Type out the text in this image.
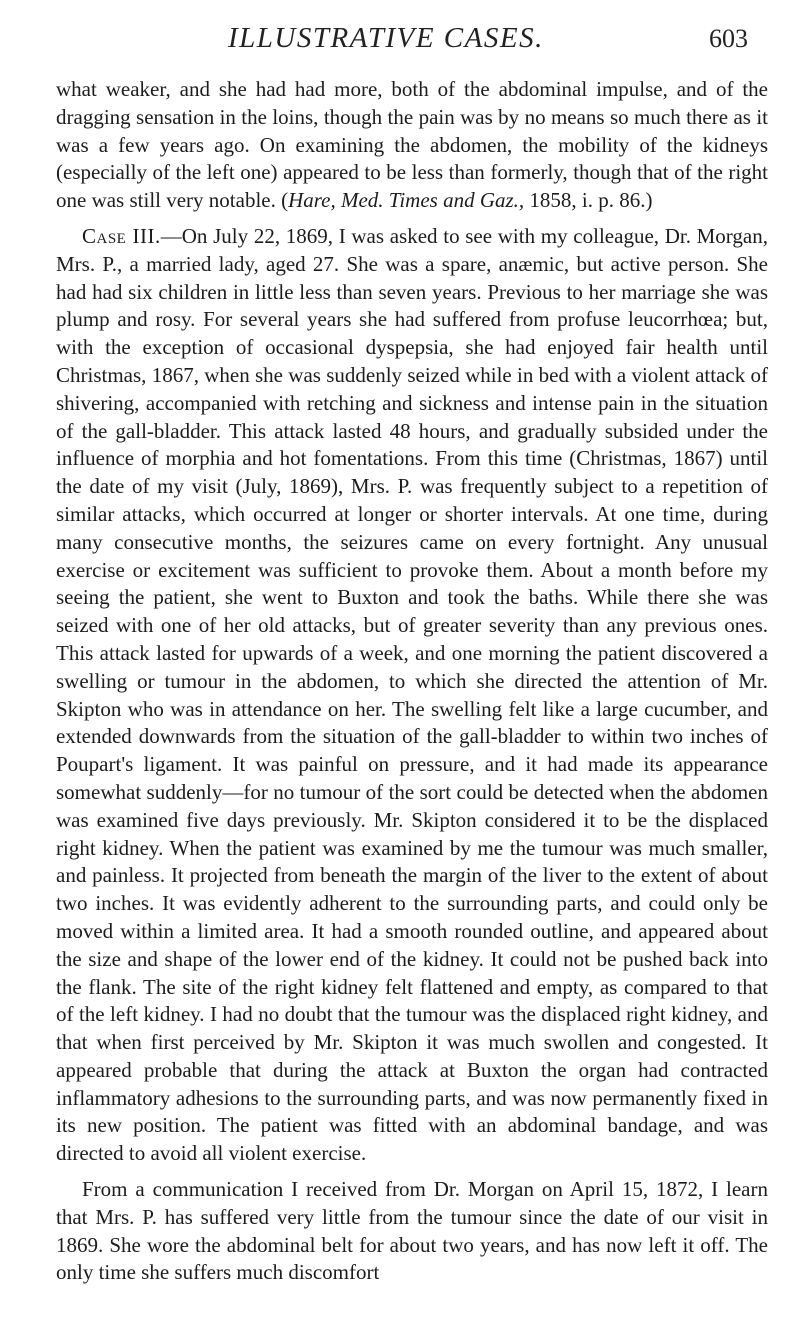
ILLUSTRATIVE CASES.	603

what weaker, and she had had more, both of the abdominal impulse, and of the dragging sensation in the loins, though the pain was by no means so much there as it was a few years ago. On examining the abdomen, the mobility of the kidneys (especially of the left one) appeared to be less than formerly, though that of the right one was still very notable. (Hare, Med. Times and Gaz., 1858, i. p. 86.)

Case III.—On July 22, 1869, I was asked to see with my colleague, Dr. Morgan, Mrs. P., a married lady, aged 27. She was a spare, anæmic, but active person. She had had six children in little less than seven years. Previous to her marriage she was plump and rosy. For several years she had suffered from profuse leucorrhœa; but, with the exception of occasional dyspepsia, she had enjoyed fair health until Christmas, 1867, when she was suddenly seized while in bed with a violent attack of shivering, accompanied with retching and sickness and intense pain in the situation of the gall-bladder. This attack lasted 48 hours, and gradually subsided under the influence of morphia and hot fomentations. From this time (Christmas, 1867) until the date of my visit (July, 1869), Mrs. P. was frequently subject to a repetition of similar attacks, which occurred at longer or shorter intervals. At one time, during many consecutive months, the seizures came on every fortnight. Any unusual exercise or excitement was sufficient to provoke them. About a month before my seeing the patient, she went to Buxton and took the baths. While there she was seized with one of her old attacks, but of greater severity than any previous ones. This attack lasted for upwards of a week, and one morning the patient discovered a swelling or tumour in the abdomen, to which she directed the attention of Mr. Skipton who was in attendance on her. The swelling felt like a large cucumber, and extended downwards from the situation of the gall-bladder to within two inches of Poupart's ligament. It was painful on pressure, and it had made its appearance somewhat suddenly—for no tumour of the sort could be detected when the abdomen was examined five days previously. Mr. Skipton considered it to be the displaced right kidney. When the patient was examined by me the tumour was much smaller, and painless. It projected from beneath the margin of the liver to the extent of about two inches. It was evidently adherent to the surrounding parts, and could only be moved within a limited area. It had a smooth rounded outline, and appeared about the size and shape of the lower end of the kidney. It could not be pushed back into the flank. The site of the right kidney felt flattened and empty, as compared to that of the left kidney. I had no doubt that the tumour was the displaced right kidney, and that when first perceived by Mr. Skipton it was much swollen and congested. It appeared probable that during the attack at Buxton the organ had contracted inflammatory adhesions to the surrounding parts, and was now permanently fixed in its new position. The patient was fitted with an abdominal bandage, and was directed to avoid all violent exercise.

From a communication I received from Dr. Morgan on April 15, 1872, I learn that Mrs. P. has suffered very little from the tumour since the date of our visit in 1869. She wore the abdominal belt for about two years, and has now left it off. The only time she suffers much discomfort
